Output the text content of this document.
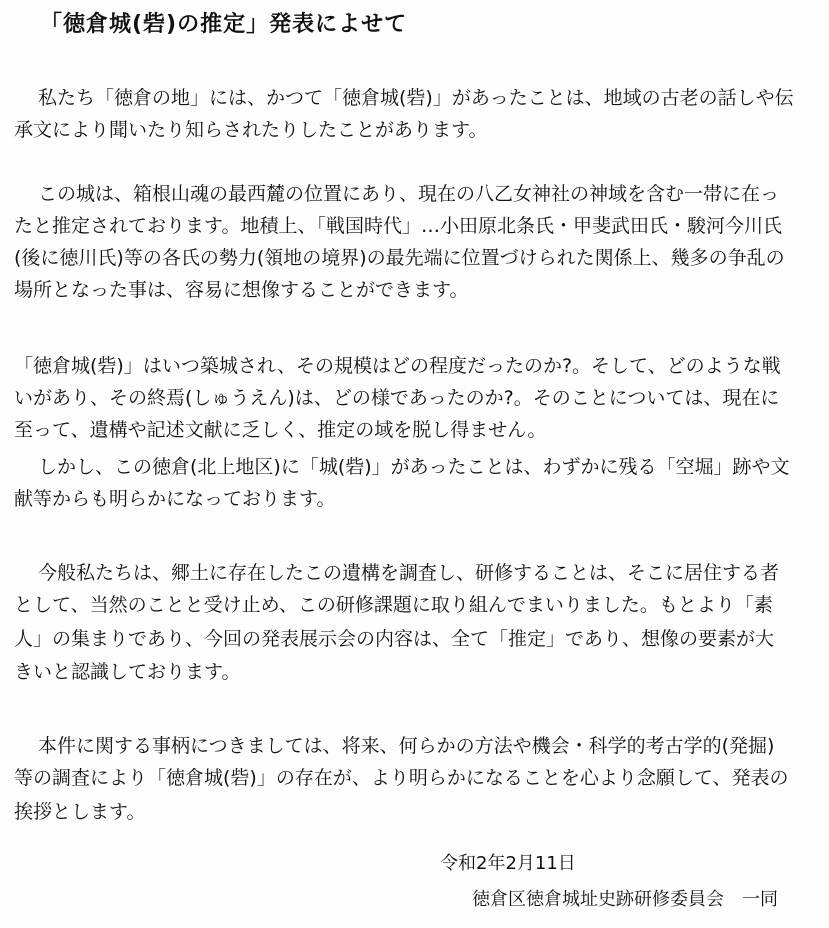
「徳倉城(砦)の推定」発表によせて
私たち「徳倉の地」には、かつて「徳倉城(砦)」があったことは、地域の古老の話しや伝
承文により聞いたり知らされたりしたことがあります。
この城は、箱根山魂の最西麓の位置にあり、現在の八乙女神社の神域を含む一帯に在っ
たと推定されております。地積上、「戦国時代」…小田原北条氏・甲斐武田氏・駿河今川氏
(後に徳川氏)等の各氏の勢力(領地の境界)の最先端に位置づけられた関係上、幾多の争乱の
場所となった事は、容易に想像することができます。
「徳倉城(砦)」はいつ築城され、その規模はどの程度だったのか?。そして、どのような戦
いがあり、その終焉(しゅうえん)は、どの様であったのか?。そのことについては、現在に
至って、遺構や記述文献に乏しく、推定の域を脱し得ません。
しかし、この徳倉(北上地区)に「城(砦)」があったことは、わずかに残る「空堀」跡や文
献等からも明らかになっております。
今般私たちは、郷土に存在したこの遺構を調査し、研修することは、そこに居住する者
として、当然のことと受け止め、この研修課題に取り組んでまいりました。もとより「素
人」の集まりであり、今回の発表展示会の内容は、全て「推定」であり、想像の要素が大
きいと認識しております。
本件に関する事柄につきましては、将来、何らかの方法や機会・科学的考古学的(発掘)
等の調査により「徳倉城(砦)」の存在が、より明らかになることを心より念願して、発表の
挨拶とします。
令和2年2月11日
徳倉区徳倉城址史跡研修委員会　一同
